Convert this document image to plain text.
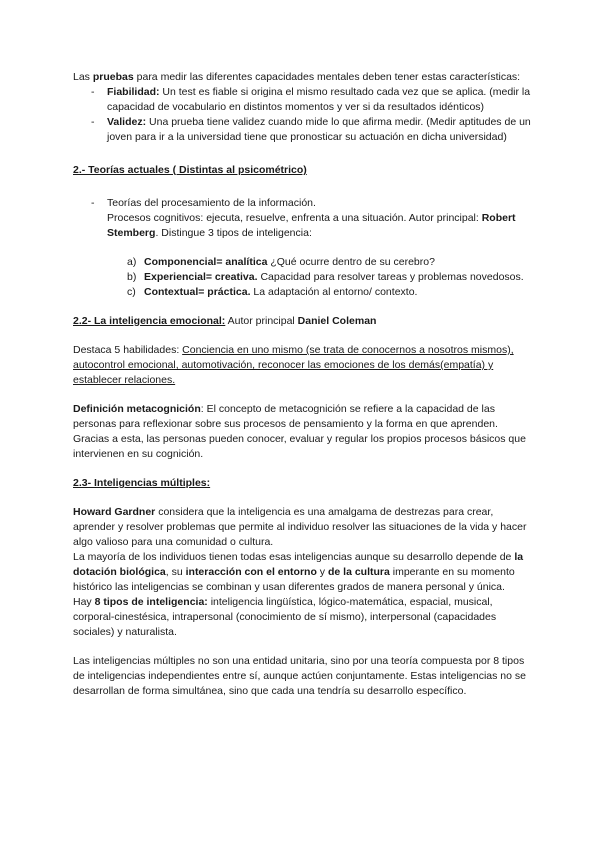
Las pruebas para medir las diferentes capacidades mentales deben tener estas características:

- Fiabilidad: Un test es fiable si origina el mismo resultado cada vez que se aplica. (medir la capacidad de vocabulario en distintos momentos y ver si da resultados idénticos)
- Validez: Una prueba tiene validez cuando mide lo que afirma medir. (Medir aptitudes de un joven para ir a la universidad tiene que pronosticar su actuación en dicha universidad)

2.- Teorías actuales ( Distintas al psicométrico)

- Teorías del procesamiento de la información.
Procesos cognitivos: ejecuta, resuelve, enfrenta a una situación. Autor principal: Robert Stemberg. Distingue 3 tipos de inteligencia:
a) Componencial= analítica ¿Qué ocurre dentro de su cerebro?
b) Experiencial= creativa. Capacidad para resolver tareas y problemas novedosos.
c) Contextual= práctica. La adaptación al entorno/ contexto.

2.2- La inteligencia emocional: Autor principal Daniel Coleman

Destaca 5 habilidades: Conciencia en uno mismo (se trata de conocernos a nosotros mismos), autocontrol emocional, automotivación, reconocer las emociones de los demás(empatía) y establecer relaciones.

Definición metacognición: El concepto de metacognición se refiere a la capacidad de las personas para reflexionar sobre sus procesos de pensamiento y la forma en que aprenden. Gracias a esta, las personas pueden conocer, evaluar y regular los propios procesos básicos que intervienen en su cognición.

2.3- Inteligencias múltiples:

Howard Gardner considera que la inteligencia es una amalgama de destrezas para crear, aprender y resolver problemas que permite al individuo resolver las situaciones de la vida y hacer algo valioso para una comunidad o cultura.

La mayoría de los individuos tienen todas esas inteligencias aunque su desarrollo depende de la dotación biológica, su interacción con el entorno y de la cultura imperante en su momento histórico las inteligencias se combinan y usan diferentes grados de manera personal y única.

Hay 8 tipos de inteligencia: inteligencia lingüística, lógico-matemática, espacial, musical, corporal-cinestésica, intrapersonal (conocimiento de sí mismo), interpersonal (capacidades sociales) y naturalista.

Las inteligencias múltiples no son una entidad unitaria, sino por una teoría compuesta por 8 tipos de inteligencias independientes entre sí, aunque actúen conjuntamente. Estas inteligencias no se desarrollan de forma simultánea, sino que cada una tendría su desarrollo específico.
